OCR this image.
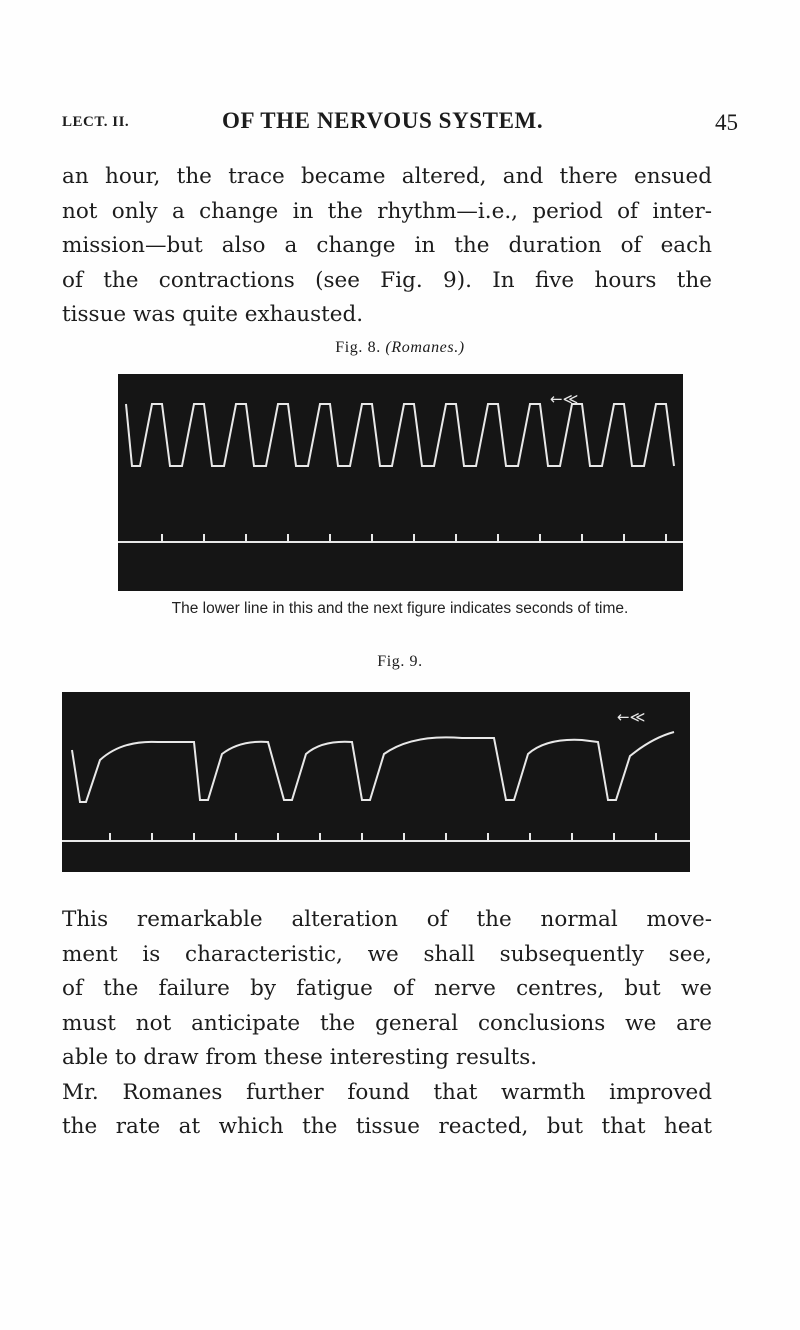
LECT. II.	OF THE NERVOUS SYSTEM.	45
an hour, the trace became altered, and there ensued
not only a change in the rhythm—i.e., period of inter-
mission—but also a change in the duration of each
of the contractions (see Fig. 9). In five hours the
tissue was quite exhausted.
Fig. 8. (Romanes.)
←≪
The lower line in this and the next figure indicates seconds of time.
Fig. 9.
←≪
This remarkable alteration of the normal move-
ment is characteristic, we shall subsequently see,
of the failure by fatigue of nerve centres, but we
must not anticipate the general conclusions we are
able to draw from these interesting results.
Mr. Romanes further found that warmth improved
the rate at which the tissue reacted, but that heat
